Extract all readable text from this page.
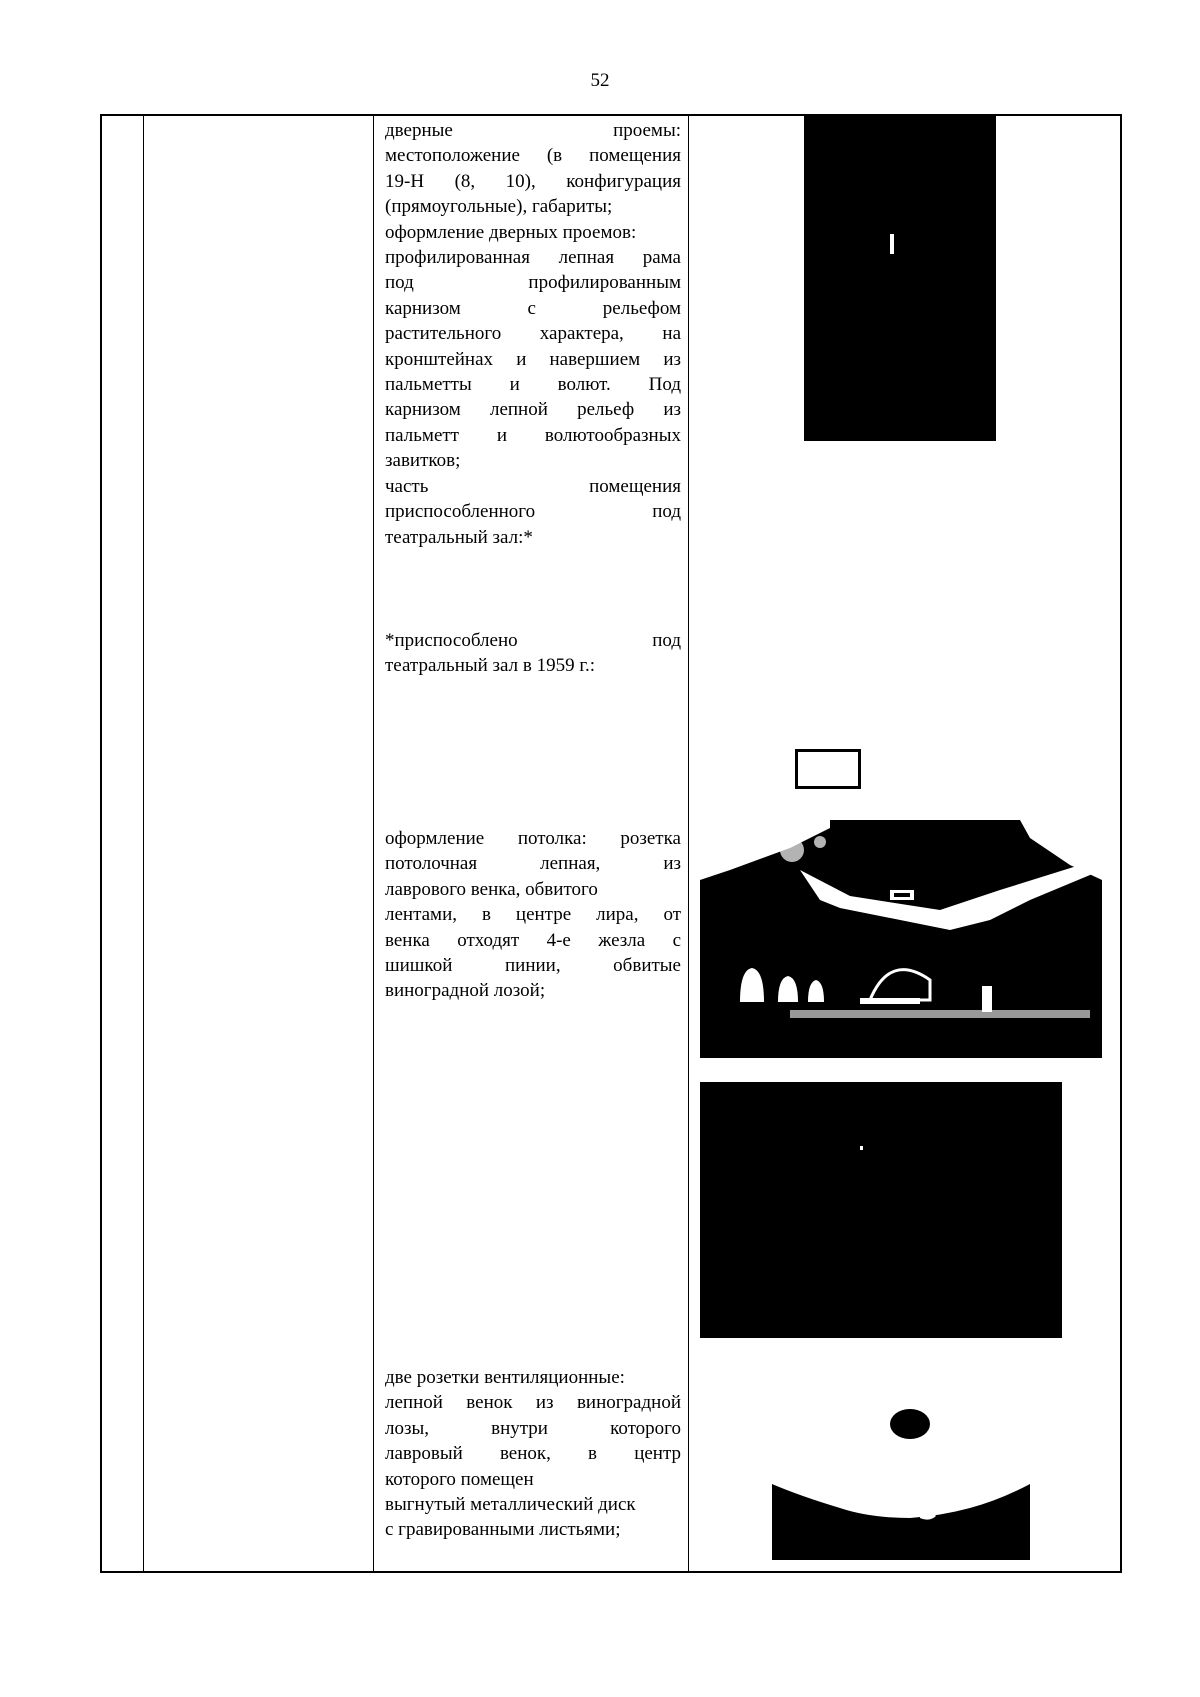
52
дверные проемы:
местоположение (в помещения
19-Н (8, 10), конфигурация
(прямоугольные), габариты;
оформление дверных проемов:
профилированная лепная рама
под профилированным
карнизом с рельефом
растительного характера, на
кронштейнах и навершием из
пальметты и волют. Под
карнизом лепной рельеф из
пальметт и волютообразных
завитков;
часть помещения
приспособленного под
театральный зал:*
*приспособлено под
театральный зал в 1959 г.:
оформление потолка: розетка
потолочная лепная, из
лаврового венка, обвитого
лентами, в центре лира, от
венка отходят 4-е жезла с
шишкой пинии, обвитые
виноградной лозой;
две розетки вентиляционные:
лепной венок из виноградной
лозы, внутри которого
лавровый венок, в центр
которого помещен
выгнутый металлический диск
с гравированными листьями;
